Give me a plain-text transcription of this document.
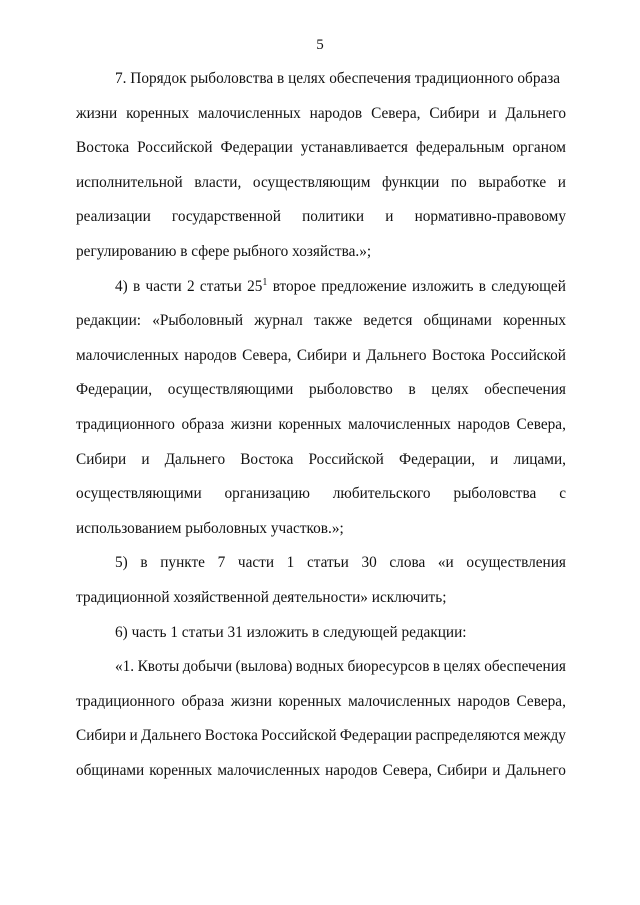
5
7. Порядок рыболовства в целях обеспечения традиционного образа
жизни коренных малочисленных народов Севера, Сибири и Дальнего
Востока Российской Федерации устанавливается федеральным органом
исполнительной власти, осуществляющим функции по выработке и
реализации государственной политики и нормативно-правовому
регулированию в сфере рыбного хозяйства.»;
4) в части 2 статьи $25^1$ второе предложение изложить в следующей
редакции: «Рыболовный журнал также ведется общинами коренных
малочисленных народов Севера, Сибири и Дальнего Востока Российской
Федерации, осуществляющими рыболовство в целях обеспечения
традиционного образа жизни коренных малочисленных народов Севера,
Сибири и Дальнего Востока Российской Федерации, и лицами,
осуществляющими организацию любительского рыболовства с
использованием рыболовных участков.»;
5) в пункте 7 части 1 статьи 30 слова «и осуществления
традиционной хозяйственной деятельности» исключить;
6) часть 1 статьи 31 изложить в следующей редакции:
«1. Квоты добычи (вылова) водных биоресурсов в целях обеспечения
традиционного образа жизни коренных малочисленных народов Севера,
Сибири и Дальнего Востока Российской Федерации распределяются между
общинами коренных малочисленных народов Севера, Сибири и Дальнего
